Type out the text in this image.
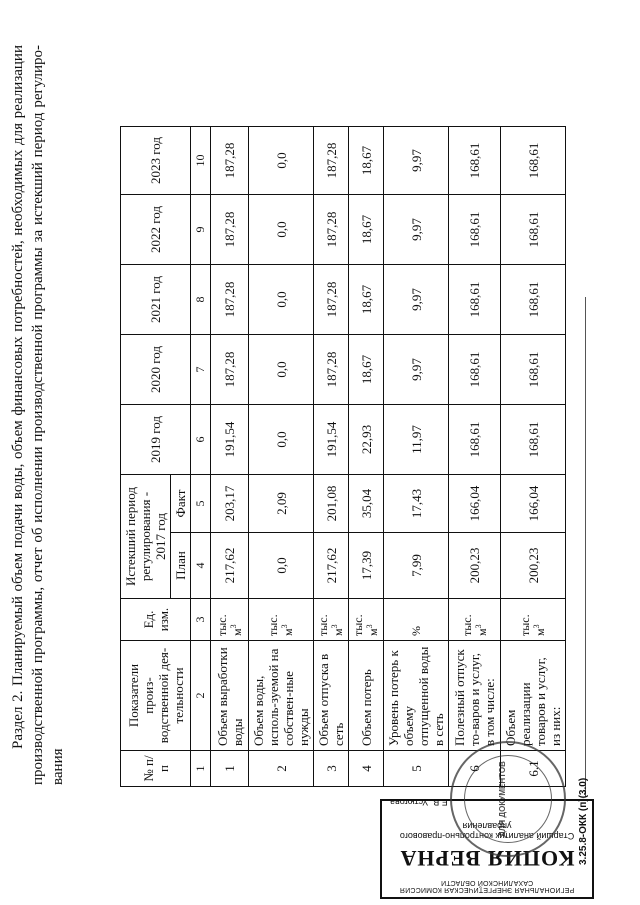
Раздел 2. Планируемый объем подачи воды, объем финансовых потребностей, необходимых для реализации производственной программы, отчет об исполнении производственной программы за истекший период регулиро-вания	№ п/п	Показатели произ-водственной дея-тельности	Ед. изм.	Истекший период регулирования - 2017 год		2019 год	2020 год	2021 год	2022 год	2023 год
			План	Факт					
1	2	3	4	5	6	7	8	9	10
1	Объем выработки воды	тыс. $м^3$	217,62	203,17	191,54	187,28	187,28	187,28	187,28
2	Объем воды, исполь-зуемой на собствен-ные нужды	тыс. $м^3$	0,0	2,09	0,0	0,0	0,0	0,0	0,0
3	Объем отпуска в сеть	тыс. $м^3$	217,62	201,08	191,54	187,28	187,28	187,28	187,28
4	Объем потерь	тыс. $м^3$	17,39	35,04	22,93	18,67	18,67	18,67	18,67
5	Уровень потерь к объему отпущенной воды в сеть	%	7,99	17,43	11,97	9,97	9,97	9,97	9,97
6	Полезный отпуск то-варов и услуг, в том числе:	тыс. $м^3$	200,23	166,04	168,61	168,61	168,61	168,61	168,61
6.1	Объем реализации товаров и услуг, из них:	тыс. $м^3$	200,23	166,04	168,61	168,61	168,61	168,61	168,61
РЕГИОНАЛЬНАЯ ЭНЕРГЕТИЧЕСКАЯ КОМИССИЯ САХАЛИНСКОЙ ОБЛАСТИ
КОПИЯ ВЕРНА
Старший аналитик контрольно-правового управления
Е.В. Устюгова	ДЛЯ ДОКУМЕНТОВ	3.25.8-ОКК (п)(3.0)
